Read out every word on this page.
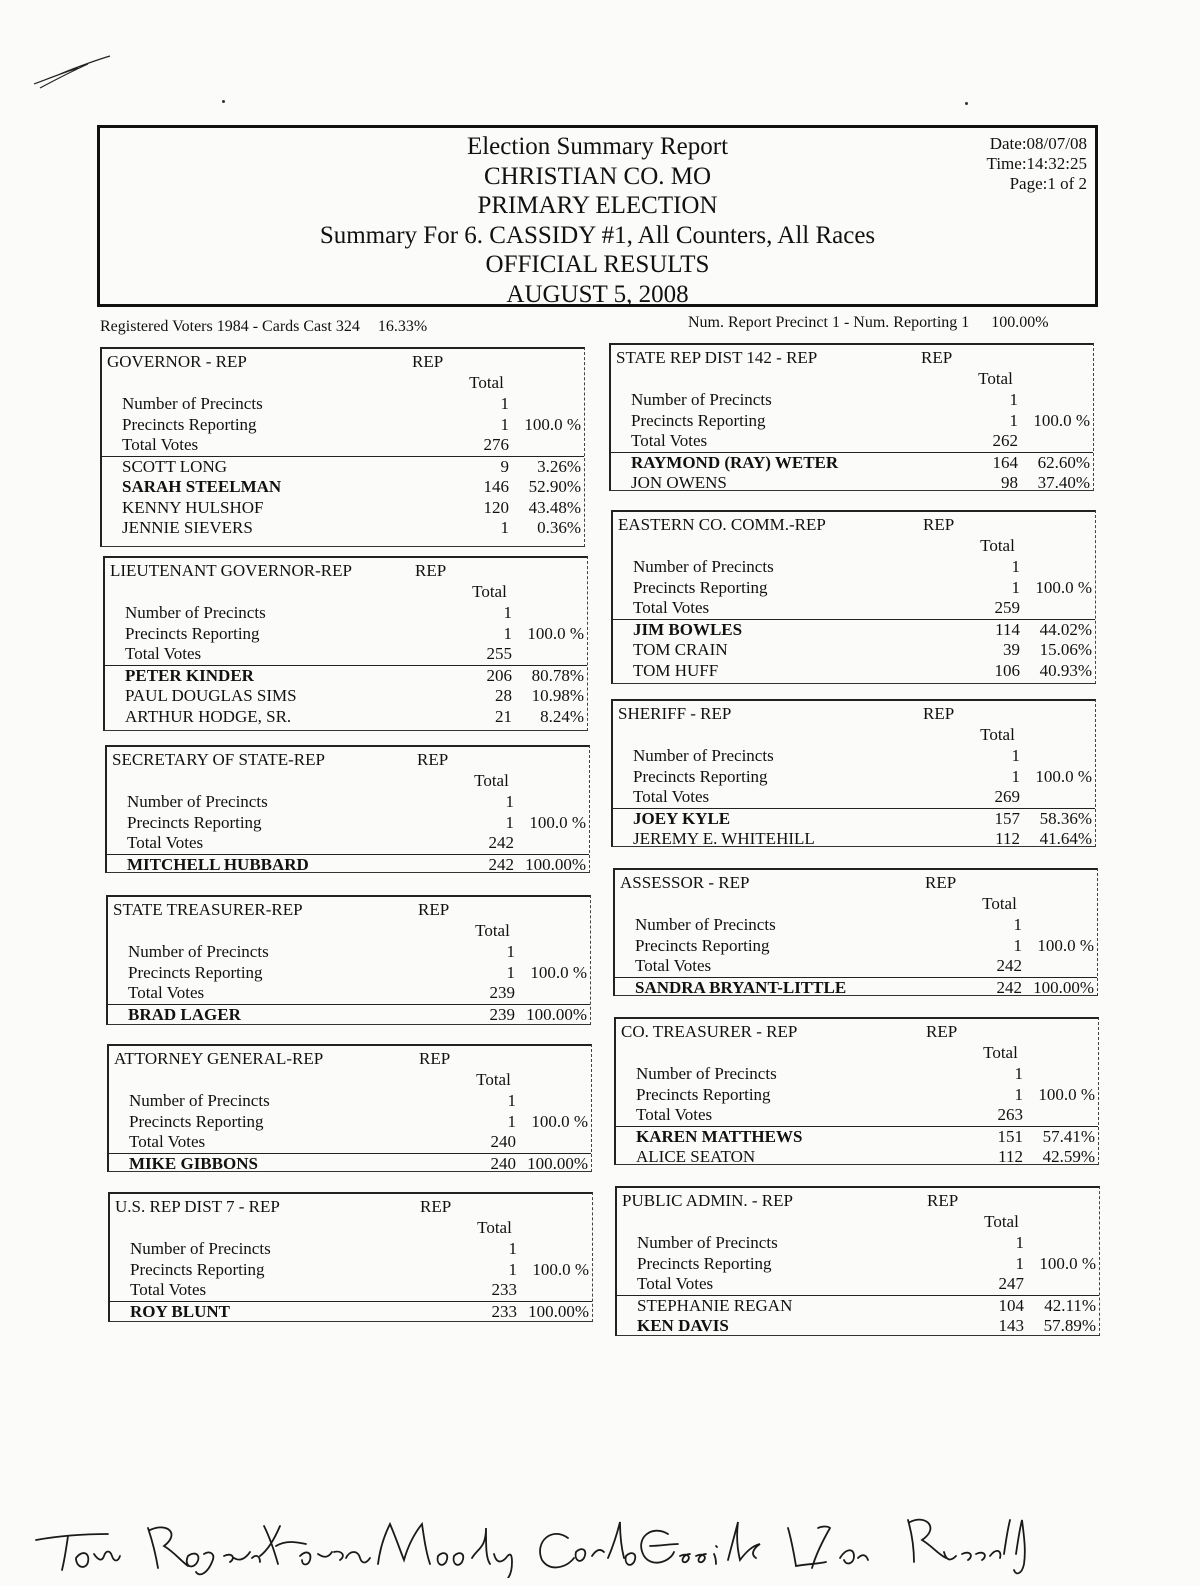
Election Summary Report
CHRISTIAN CO. MO
PRIMARY ELECTION
Summary For 6. CASSIDY #1, All Counters, All Races
OFFICIAL RESULTS
AUGUST 5, 2008
Date:08/07/08
Time:14:32:25
Page:1 of 2
Registered Voters 1984 - Cards Cast 324 16.33%	Num. Report Precinct 1 - Num. Reporting 1 100.00%
GOVERNOR - REP	REP
Total
Number of Precincts	1
Precincts Reporting	1 100.0 %
Total Votes	276
SCOTT LONG	9	3.26%
SARAH STEELMAN	146	52.90%
KENNY HULSHOF	120	43.48%
JENNIE SIEVERS	1	0.36%
LIEUTENANT GOVERNOR-REP	REP
Total
Number of Precincts	1
Precincts Reporting	1 100.0 %
Total Votes	255
PETER KINDER	206	80.78%
PAUL DOUGLAS SIMS	28	10.98%
ARTHUR HODGE, SR.	21	8.24%
SECRETARY OF STATE-REP	REP
Total
Number of Precincts	1
Precincts Reporting	1 100.0 %
Total Votes	242
MITCHELL HUBBARD	242 100.00%
STATE TREASURER-REP	REP
Total
Number of Precincts	1
Precincts Reporting	1 100.0 %
Total Votes	239
BRAD LAGER	239 100.00%
ATTORNEY GENERAL-REP	REP
Total
Number of Precincts	1
Precincts Reporting	1 100.0 %
Total Votes	240
MIKE GIBBONS	240 100.00%
U.S. REP DIST 7 - REP	REP
Total
Number of Precincts	1
Precincts Reporting	1 100.0 %
Total Votes	233
ROY BLUNT	233 100.00%
STATE REP DIST 142 - REP	REP
Total
Number of Precincts	1
Precincts Reporting	1 100.0 %
Total Votes	262
RAYMOND (RAY) WETER	164	62.60%
JON OWENS	98	37.40%
EASTERN CO. COMM.-REP	REP
Total
Number of Precincts	1
Precincts Reporting	1 100.0 %
Total Votes	259
JIM BOWLES	114	44.02%
TOM CRAIN	39	15.06%
TOM HUFF	106	40.93%
SHERIFF - REP	REP
Total
Number of Precincts	1
Precincts Reporting	1 100.0 %
Total Votes	269
JOEY KYLE	157	58.36%
JEREMY E. WHITEHILL	112	41.64%
ASSESSOR - REP	REP
Total
Number of Precincts	1
Precincts Reporting	1 100.0 %
Total Votes	242
SANDRA BRYANT-LITTLE	242 100.00%
CO. TREASURER - REP	REP
Total
Number of Precincts	1
Precincts Reporting	1 100.0 %
Total Votes	263
KAREN MATTHEWS	151	57.41%
ALICE SEATON	112	42.59%
PUBLIC ADMIN. - REP	REP
Total
Number of Precincts	1
Precincts Reporting	1 100.0 %
Total Votes	247
STEPHANIE REGAN	104	42.11%
KEN DAVIS	143	57.89%
